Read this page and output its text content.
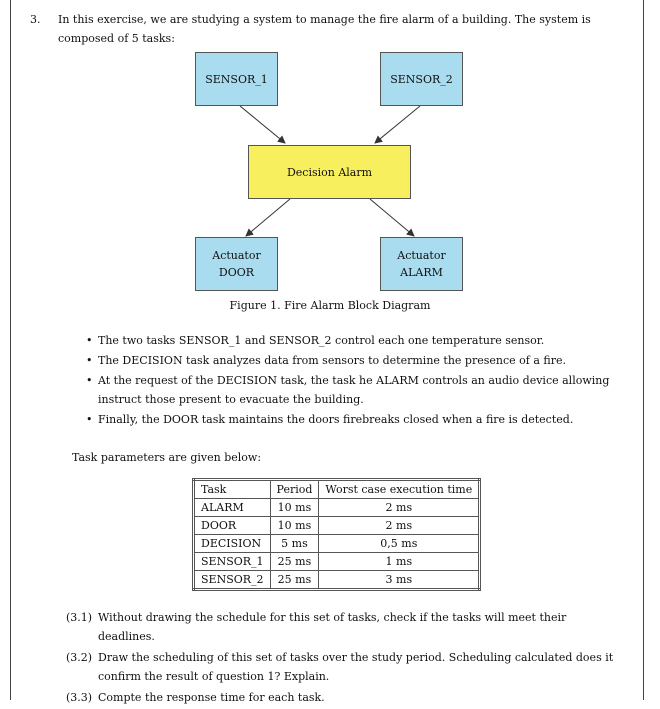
3. In this exercise, we are studying a system to manage the fire alarm of a building. The system is composed of 5 tasks:
SENSOR_1	SENSOR_2
Decision Alarm
Actuator
DOOR
Actuator
ALARM
Figure 1. Fire Alarm Block Diagram
• The two tasks SENSOR_1 and SENSOR_2 control each one temperature sensor.
• The DECISION task analyzes data from sensors to determine the presence of a fire.
• At the request of the DECISION task, the task he ALARM controls an audio device allowing instruct those present to evacuate the building.
• Finally, the DOOR task maintains the doors firebreaks closed when a fire is detected.
Task parameters are given below:
Task	Period	Worst case execution time
ALARM	10 ms	2 ms
DOOR	10 ms	2 ms
DECISION	5 ms	0,5 ms
SENSOR_1	25 ms	1 ms
SENSOR_2	25 ms	3 ms
(3.1) Without drawing the schedule for this set of tasks, check if the tasks will meet their deadlines.
(3.2) Draw the scheduling of this set of tasks over the study period. Scheduling calculated does it confirm the result of question 1? Explain.
(3.3) Compte the response time for each task.
